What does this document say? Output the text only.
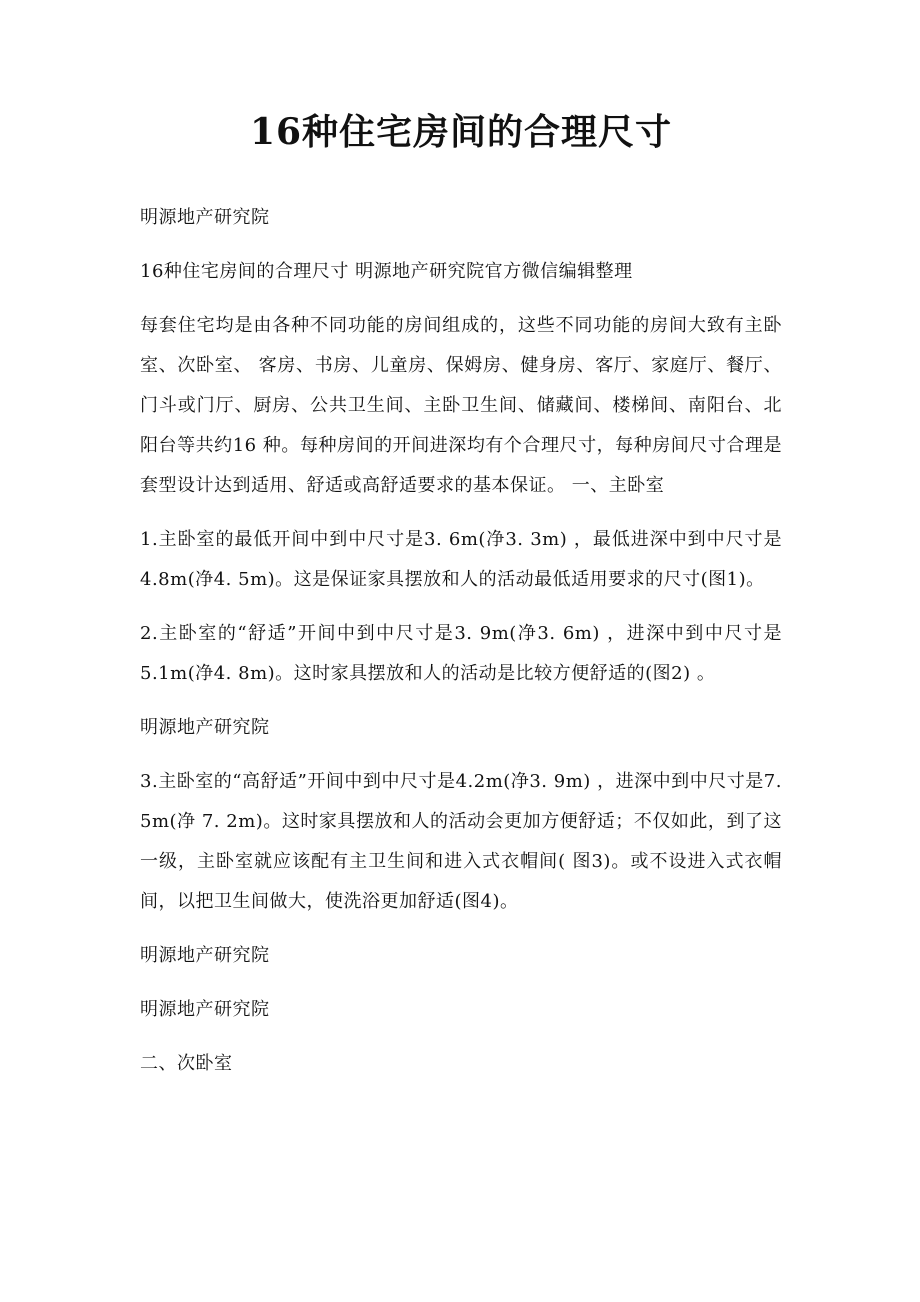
16种住宅房间的合理尺寸

明源地产研究院

16种住宅房间的合理尺寸 明源地产研究院官方微信编辑整理

每套住宅均是由各种不同功能的房间组成的，这些不同功能的房间大致有主卧室、次卧室、 客房、书房、儿童房、保姆房、健身房、客厅、家庭厅、餐厅、门斗或门厅、厨房、公共卫生间、主卧卫生间、储藏间、楼梯间、南阳台、北阳台等共约16 种。每种房间的开间进深均有个合理尺寸，每种房间尺寸合理是套型设计达到适用、舒适或高舒适要求的基本保证。 一、主卧室

1.主卧室的最低开间中到中尺寸是3. 6m(净3. 3m) ，最低进深中到中尺寸是4.8m(净4. 5m)。这是保证家具摆放和人的活动最低适用要求的尺寸(图1)。

2.主卧室的“舒适”开间中到中尺寸是3. 9m(净3. 6m) ，进深中到中尺寸是5.1m(净4. 8m)。这时家具摆放和人的活动是比较方便舒适的(图2) 。

明源地产研究院

3.主卧室的“高舒适”开间中到中尺寸是4.2m(净3. 9m) ，进深中到中尺寸是7. 5m(净 7. 2m)。这时家具摆放和人的活动会更加方便舒适；不仅如此，到了这一级，主卧室就应该配有主卫生间和进入式衣帽间( 图3)。或不设进入式衣帽间，以把卫生间做大，使洗浴更加舒适(图4)。

明源地产研究院

明源地产研究院

二、次卧室
